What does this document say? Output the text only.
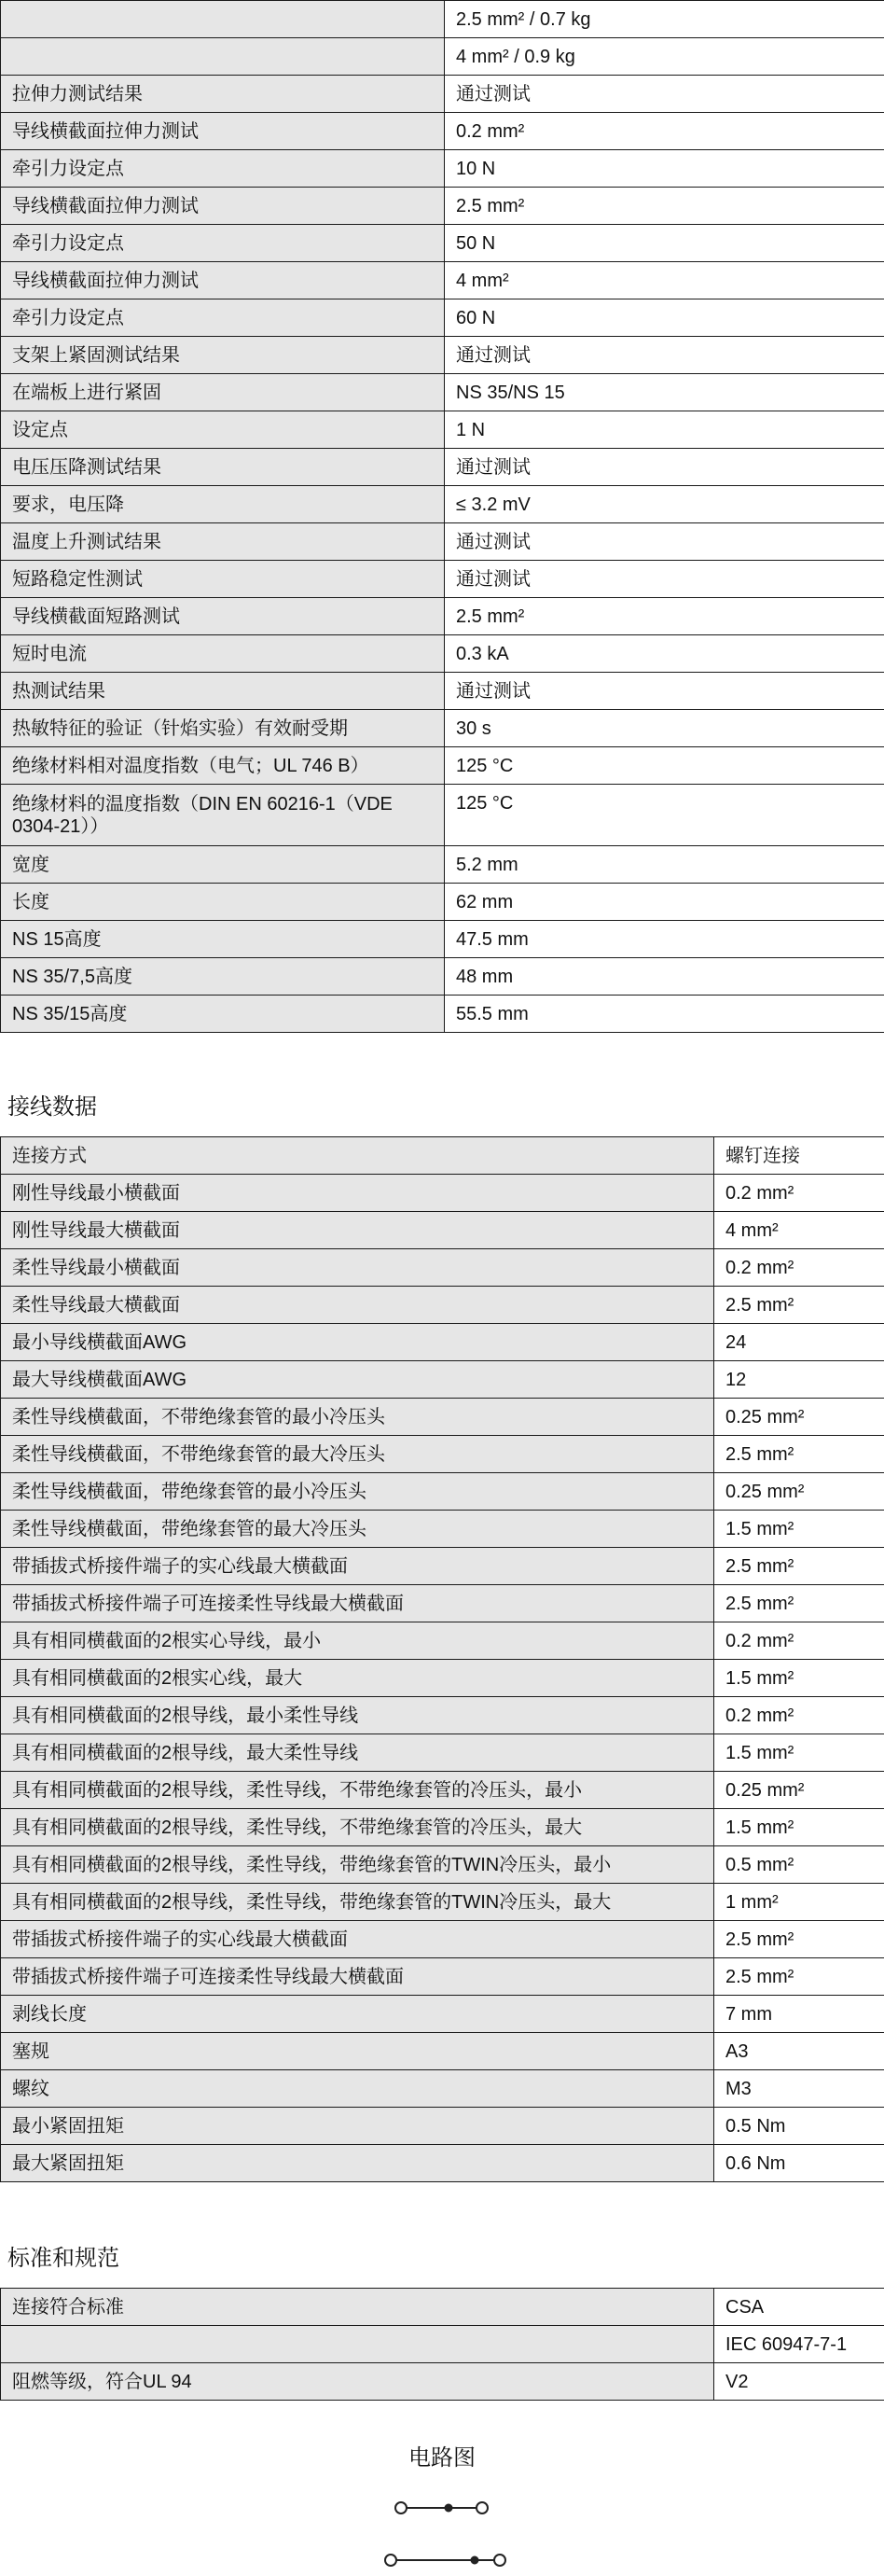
	2.5 mm² / 0.7 kg
	4 mm² / 0.9 kg
拉伸力测试结果	通过测试
导线横截面拉伸力测试	0.2 mm²
牵引力设定点	10 N
导线横截面拉伸力测试	2.5 mm²
牵引力设定点	50 N
导线横截面拉伸力测试	4 mm²
牵引力设定点	60 N
支架上紧固测试结果	通过测试
在端板上进行紧固	NS 35/NS 15
设定点	1 N
电压压降测试结果	通过测试
要求，电压降	≤ 3.2 mV
温度上升测试结果	通过测试
短路稳定性测试	通过测试
导线横截面短路测试	2.5 mm²
短时电流	0.3 kA
热测试结果	通过测试
热敏特征的验证（针焰实验）有效耐受期	30 s
绝缘材料相对温度指数（电气；UL 746 B）	125 °C
绝缘材料的温度指数（DIN EN 60216-1（VDE 0304-21））	125 °C
宽度	5.2 mm
长度	62 mm
NS 15高度	47.5 mm
NS 35/7,5高度	48 mm
NS 35/15高度	55.5 mm
接线数据
连接方式	螺钉连接
刚性导线最小横截面	0.2 mm²
刚性导线最大横截面	4 mm²
柔性导线最小横截面	0.2 mm²
柔性导线最大横截面	2.5 mm²
最小导线横截面AWG	24
最大导线横截面AWG	12
柔性导线横截面，不带绝缘套管的最小冷压头	0.25 mm²
柔性导线横截面，不带绝缘套管的最大冷压头	2.5 mm²
柔性导线横截面，带绝缘套管的最小冷压头	0.25 mm²
柔性导线横截面，带绝缘套管的最大冷压头	1.5 mm²
带插拔式桥接件端子的实心线最大横截面	2.5 mm²
带插拔式桥接件端子可连接柔性导线最大横截面	2.5 mm²
具有相同横截面的2根实心导线，最小	0.2 mm²
具有相同横截面的2根实心线，最大	1.5 mm²
具有相同横截面的2根导线，最小柔性导线	0.2 mm²
具有相同横截面的2根导线，最大柔性导线	1.5 mm²
具有相同横截面的2根导线，柔性导线，不带绝缘套管的冷压头，最小	0.25 mm²
具有相同横截面的2根导线，柔性导线，不带绝缘套管的冷压头，最大	1.5 mm²
具有相同横截面的2根导线，柔性导线，带绝缘套管的TWIN冷压头，最小	0.5 mm²
具有相同横截面的2根导线，柔性导线，带绝缘套管的TWIN冷压头，最大	1 mm²
带插拔式桥接件端子的实心线最大横截面	2.5 mm²
带插拔式桥接件端子可连接柔性导线最大横截面	2.5 mm²
剥线长度	7 mm
塞规	A3
螺纹	M3
最小紧固扭矩	0.5 Nm
最大紧固扭矩	0.6 Nm
标准和规范
连接符合标准	CSA
	IEC 60947-7-1
阻燃等级，符合UL 94	V2
电路图
